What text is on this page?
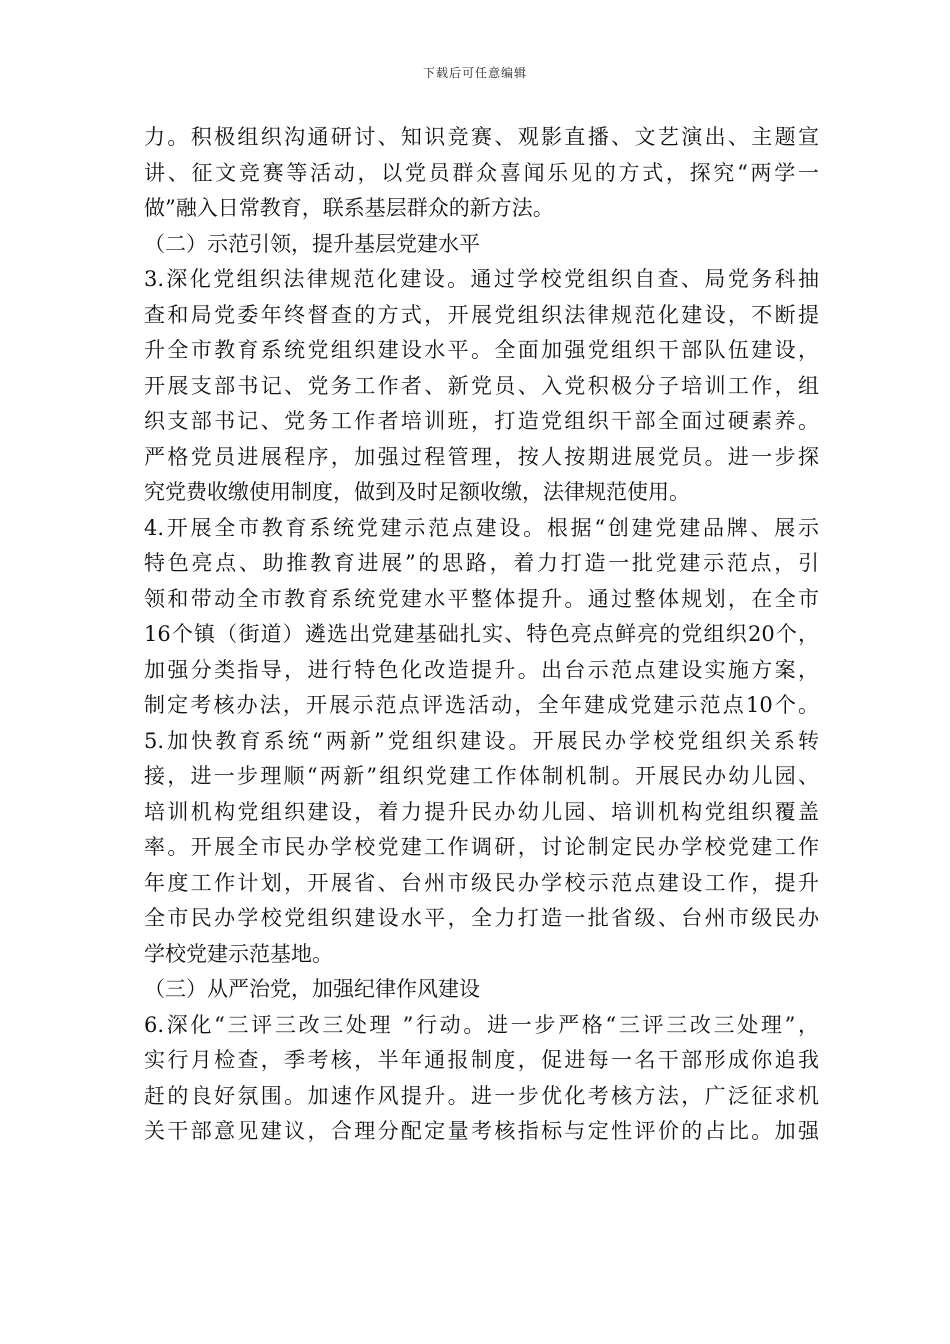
下载后可任意编辑
力。积极组织沟通研讨、知识竞赛、观影直播、文艺演出、主题宣
讲、征文竞赛等活动，以党员群众喜闻乐见的方式，探究“两学一
做”融入日常教育，联系基层群众的新方法。
（二）示范引领，提升基层党建水平
3.深化党组织法律规范化建设。通过学校党组织自查、局党务科抽
查和局党委年终督查的方式，开展党组织法律规范化建设，不断提
升全市教育系统党组织建设水平。全面加强党组织干部队伍建设，
开展支部书记、党务工作者、新党员、入党积极分子培训工作，组
织支部书记、党务工作者培训班，打造党组织干部全面过硬素养。
严格党员进展程序，加强过程管理，按人按期进展党员。进一步探
究党费收缴使用制度，做到及时足额收缴，法律规范使用。
4.开展全市教育系统党建示范点建设。根据“创建党建品牌、展示
特色亮点、助推教育进展”的思路，着力打造一批党建示范点，引
领和带动全市教育系统党建水平整体提升。通过整体规划，在全市
16个镇（街道）遴选出党建基础扎实、特色亮点鲜亮的党组织20个，
加强分类指导，进行特色化改造提升。出台示范点建设实施方案，
制定考核办法，开展示范点评选活动，全年建成党建示范点10个。
5.加快教育系统“两新”党组织建设。开展民办学校党组织关系转
接，进一步理顺“两新”组织党建工作体制机制。开展民办幼儿园、
培训机构党组织建设，着力提升民办幼儿园、培训机构党组织覆盖
率。开展全市民办学校党建工作调研，讨论制定民办学校党建工作
年度工作计划，开展省、台州市级民办学校示范点建设工作，提升
全市民办学校党组织建设水平，全力打造一批省级、台州市级民办
学校党建示范基地。
（三）从严治党，加强纪律作风建设
6.深化“三评三改三处理 ”行动。进一步严格“三评三改三处理”，
实行月检查，季考核，半年通报制度，促进每一名干部形成你追我
赶的良好氛围。加速作风提升。进一步优化考核方法，广泛征求机
关干部意见建议，合理分配定量考核指标与定性评价的占比。加强
